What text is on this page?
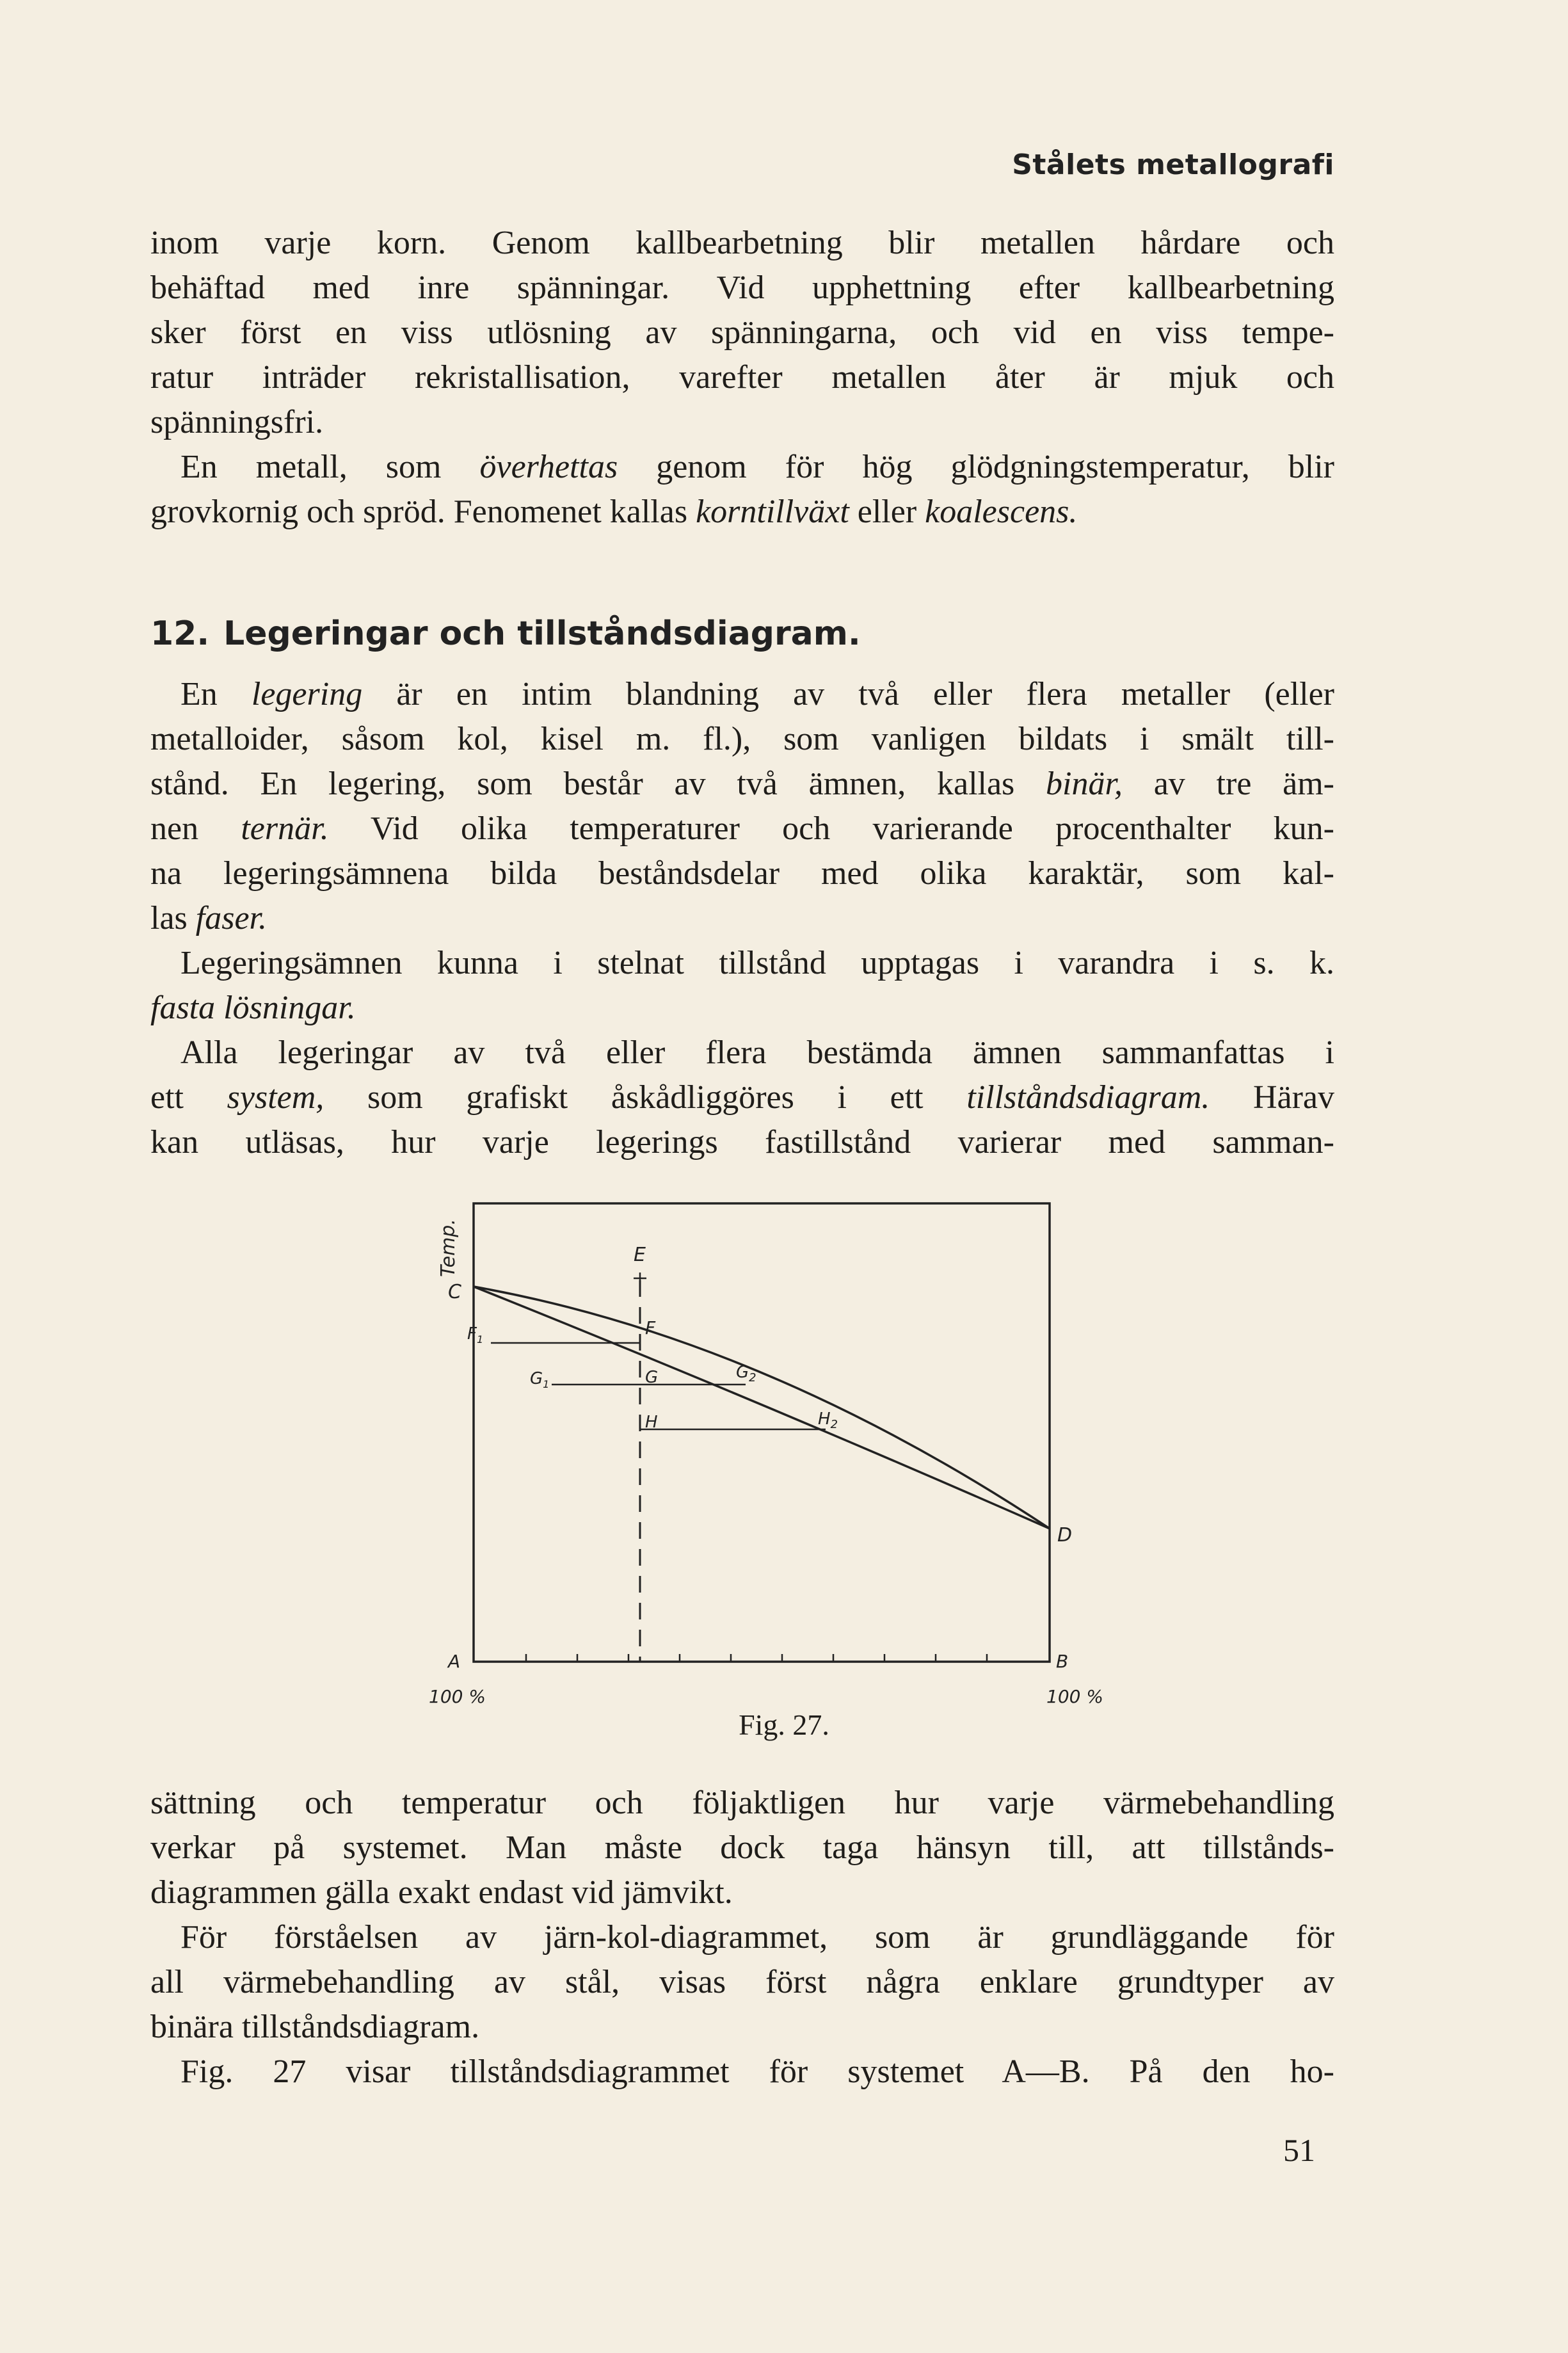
Stålets metallografi

inom varje korn. Genom kallbearbetning blir metallen hårdare och
behäftad med inre spänningar. Vid upphettning efter kallbearbetning
sker först en viss utlösning av spänningarna, och vid en viss tempe-
ratur inträder rekristallisation, varefter metallen åter är mjuk och
spänningsfri.

En metall, som överhettas genom för hög glödgningstemperatur, blir
grovkornig och spröd. Fenomenet kallas korntillväxt eller koalescens.

12. Legeringar och tillståndsdiagram.

En legering är en intim blandning av två eller flera metaller (eller
metalloider, såsom kol, kisel m. fl.), som vanligen bildats i smält till-
stånd. En legering, som består av två ämnen, kallas binär, av tre äm-
nen ternär. Vid olika temperaturer och varierande procenthalter kun-
na legeringsämnena bilda beståndsdelar med olika karaktär, som kal-
las faser.

Legeringsämnen kunna i stelnat tillstånd upptagas i varandra i s. k.
fasta lösningar.

Alla legeringar av två eller flera bestämda ämnen sammanfattas i
ett system, som grafiskt åskådliggöres i ett tillståndsdiagram. Härav
kan utläsas, hur varje legerings fastillstånd varierar med samman-

Temp.
C
D
E
F
$F_1$
G
$G_1$
$G_2$
H	$H_2$
A	B
100 %	100 %
Fig. 27.

sättning och temperatur och följaktligen hur varje värmebehandling
verkar på systemet. Man måste dock taga hänsyn till, att tillstånds-
diagrammen gälla exakt endast vid jämvikt.

För förståelsen av järn-kol-diagrammet, som är grundläggande för
all värmebehandling av stål, visas först några enklare grundtyper av
binära tillståndsdiagram.

Fig. 27 visar tillståndsdiagrammet för systemet A—B. På den ho-

51
